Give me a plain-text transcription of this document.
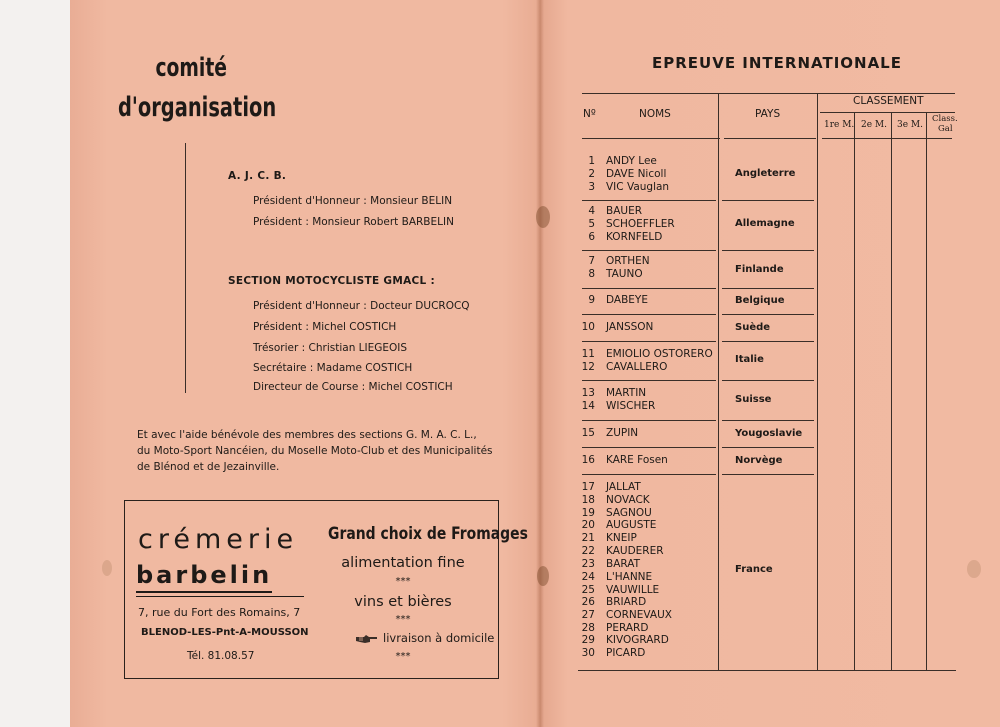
comité
d'organisation
A. J. C. B.
Président d'Honneur : Monsieur BELIN
Président : Monsieur Robert BARBELIN
SECTION MOTOCYCLISTE GMACL :
Président d'Honneur : Docteur DUCROCQ
Président : Michel COSTICH
Trésorier : Christian LIEGEOIS
Secrétaire : Madame COSTICH
Directeur de Course : Michel COSTICH
Et avec l'aide bénévole des membres des sections G. M. A. C. L.,
du Moto-Sport Nancéien, du Moselle Moto-Club et des Municipalités
de Blénod et de Jezainville.
crémerie
barbelin
7, rue du Fort des Romains, 7
BLENOD-LES-Pnt-A-MOUSSON
Tél. 81.08.57
Grand choix de Fromages
alimentation fine
***
vins et bières
***
livraison à domicile
***
EPREUVE INTERNATIONALE
Nº	NOMS	PAYS
CLASSEMENT
1re M. 2e M. 3e M.
Class.
Gal
1 ANDY Lee
2 DAVE Nicoll
3 VIC Vauglan
4 BAUER
5 SCHOEFFLER
6 KORNFELD
7 ORTHEN
8 TAUNO
9 DABEYE
10 JANSSON
11 EMIOLIO OSTORERO
12 CAVALLERO
13 MARTIN
14 WISCHER
15 ZUPIN
16 KARE Fosen
17 JALLAT
18 NOVACK
19 SAGNOU
20 AUGUSTE
21 KNEIP
22 KAUDERER
23 BARAT
24 L'HANNE
25 VAUWILLE
26 BRIARD
27 CORNEVAUX
28 PERARD
29 KIVOGRARD
30 PICARD
Angleterre
Allemagne
Finlande
Belgique
Suède
Italie
Suisse
Yougoslavie
Norvège
France
